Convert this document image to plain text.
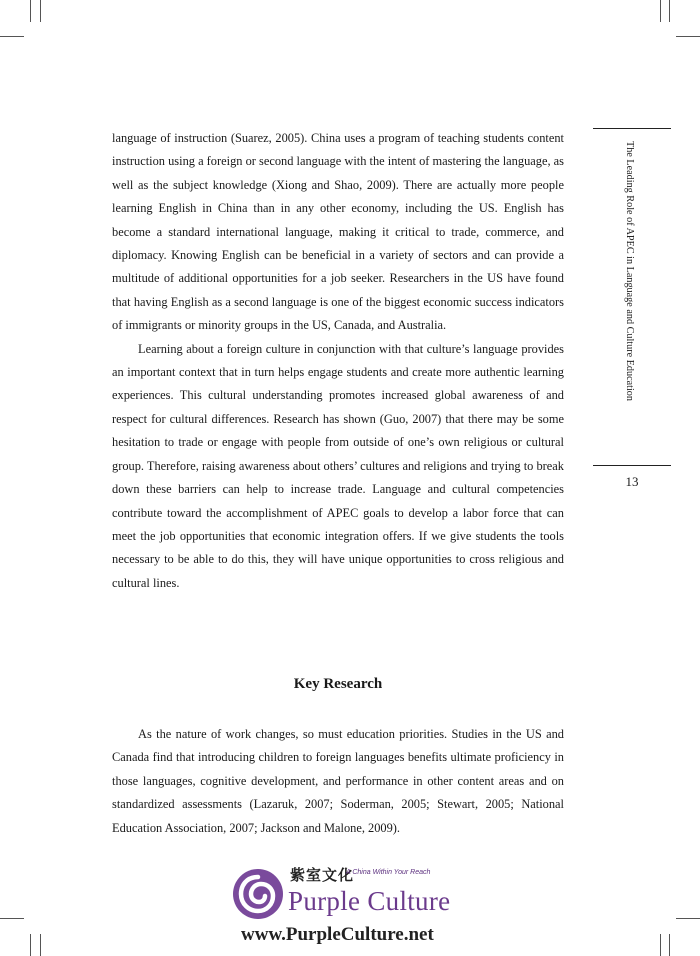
language of instruction (Suarez, 2005). China uses a program of teaching students content instruction using a foreign or second language with the intent of mastering the language, as well as the subject knowledge (Xiong and Shao, 2009). There are actually more people learning English in China than in any other economy, including the US. English has become a standard international language, making it critical to trade, commerce, and diplomacy. Knowing English can be beneficial in a variety of sectors and can provide a multitude of additional opportunities for a job seeker. Researchers in the US have found that having English as a second language is one of the biggest economic success indicators of immigrants or minority groups in the US, Canada, and Australia.

Learning about a foreign culture in conjunction with that culture’s language provides an important context that in turn helps engage students and create more authentic learning experiences. This cultural understanding promotes increased global awareness of and respect for cultural differences. Research has shown (Guo, 2007) that there may be some hesitation to trade or engage with people from outside of one’s own religious or cultural group. Therefore, raising awareness about others’ cultures and religions and trying to break down these barriers can help to increase trade. Language and cultural competencies contribute toward the accomplishment of APEC goals to develop a labor force that can meet the job opportunities that economic integration offers. If we give students the tools necessary to be able to do this, they will have unique opportunities to cross religious and cultural lines.

Key Research
As the nature of work changes, so must education priorities. Studies in the US and Canada find that introducing children to foreign languages benefits ultimate proficiency in those languages, cognitive development, and performance in other content areas and on standardized assessments (Lazaruk, 2007; Soderman, 2005; Stewart, 2005; National Education Association, 2007; Jackson and Malone, 2009).
The Leading Role of APEC in Language and Culture Education
13
紫室文化
A China Within Your Reach
Purple Culture
www.PurpleCulture.net
